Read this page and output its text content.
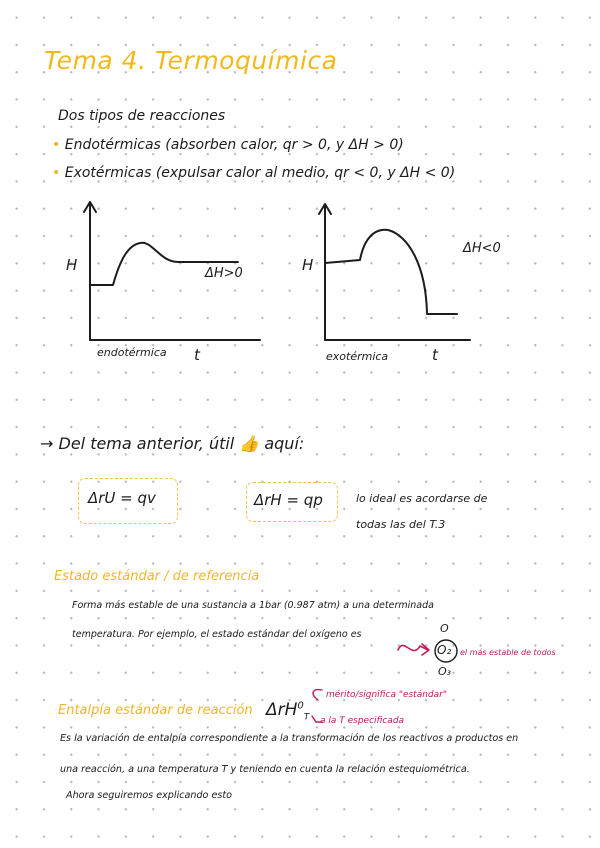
Tema 4. Termoquímica
Dos tipos de reacciones
• Endotérmicas (absorben calor, qr > 0, y ΔH > 0)
• Exotérmicas (expulsar calor al medio, qr < 0, y ΔH < 0)
H	ΔH>0
endotérmica t
H
ΔH<0
exotérmica	t
→ Del tema anterior, útil 👍 aquí:
ΔrU = qv	ΔrH = qp	lo ideal es acordarse de
todas las del T.3
Estado estándar / de referencia
Forma más estable de una sustancia a 1bar (0.987 atm) a una determinada
temperatura. Por ejemplo, el estado estándar del oxígeno es	O
O₂
O₃
el más estable de todos
Entalpía estándar de reacción ΔrH$^0_T$
mérito/significa "estándar"
a la T especificada
Es la variación de entalpía correspondiente a la transformación de los reactivos a productos en
una reacción, a una temperatura T y teniendo en cuenta la relación estequiométrica.
Ahora seguiremos explicando esto
